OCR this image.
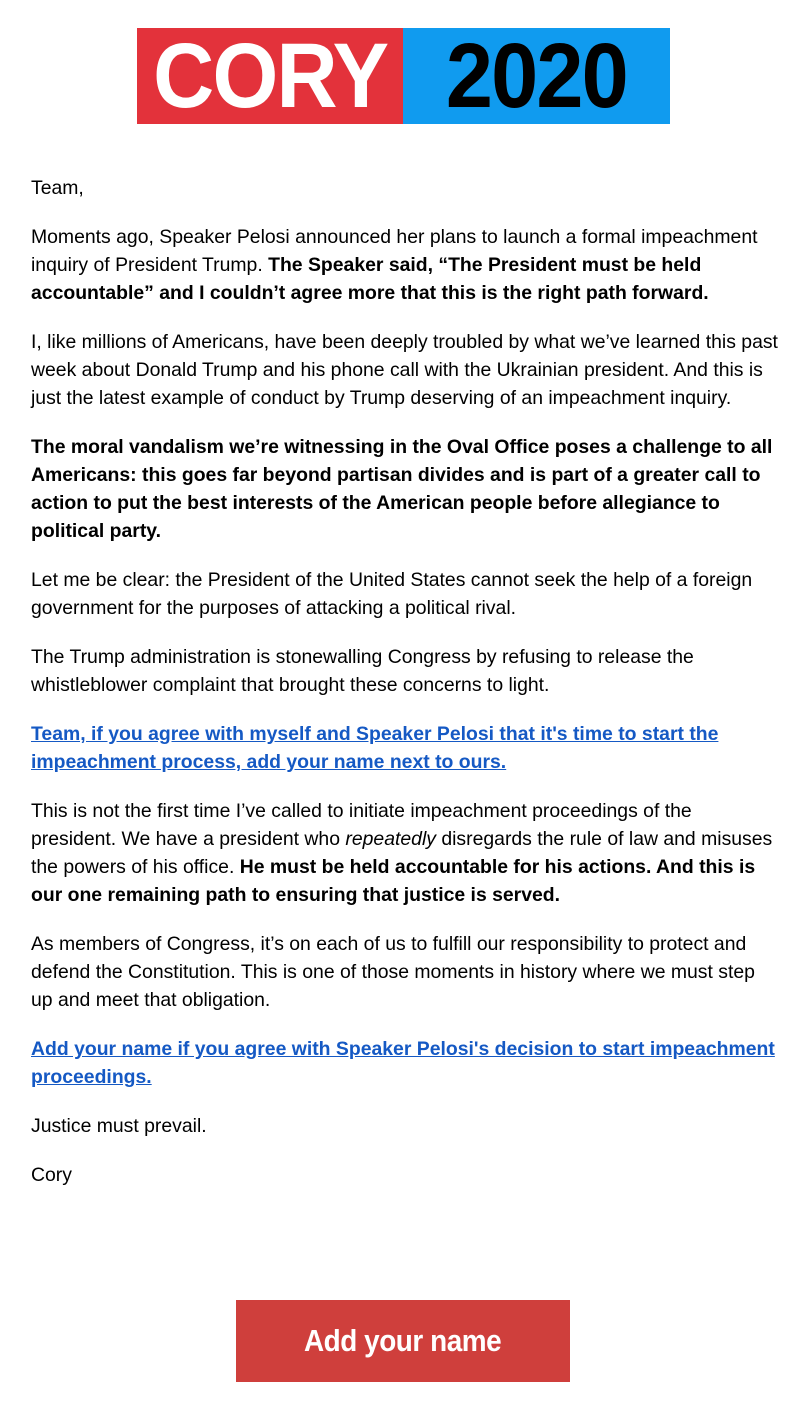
CORY 2020

Team,

Moments ago, Speaker Pelosi announced her plans to launch a formal impeachment inquiry of President Trump. The Speaker said, “The President must be held accountable” and I couldn’t agree more that this is the right path forward.

I, like millions of Americans, have been deeply troubled by what we’ve learned this past week about Donald Trump and his phone call with the Ukrainian president. And this is just the latest example of conduct by Trump deserving of an impeachment inquiry.

The moral vandalism we’re witnessing in the Oval Office poses a challenge to all Americans: this goes far beyond partisan divides and is part of a greater call to action to put the best interests of the American people before allegiance to political party.

Let me be clear: the President of the United States cannot seek the help of a foreign government for the purposes of attacking a political rival.

The Trump administration is stonewalling Congress by refusing to release the whistleblower complaint that brought these concerns to light.

Team, if you agree with myself and Speaker Pelosi that it's time to start the impeachment process, add your name next to ours.

This is not the first time I’ve called to initiate impeachment proceedings of the president. We have a president who repeatedly disregards the rule of law and misuses the powers of his office. He must be held accountable for his actions. And this is our one remaining path to ensuring that justice is served.

As members of Congress, it’s on each of us to fulfill our responsibility to protect and defend the Constitution. This is one of those moments in history where we must step up and meet that obligation.

Add your name if you agree with Speaker Pelosi's decision to start impeachment proceedings.

Justice must prevail.

Cory

Add your name
